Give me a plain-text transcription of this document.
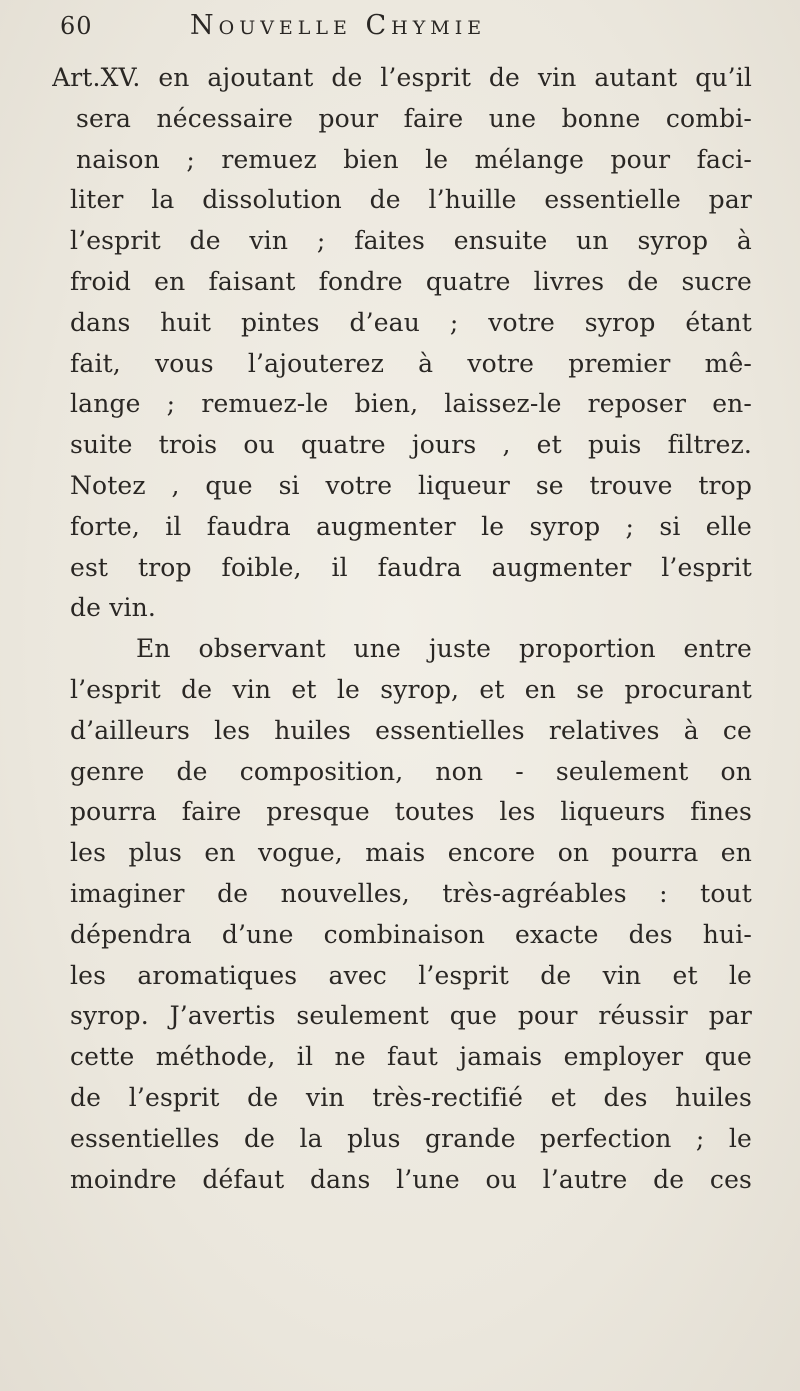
60	Nouvelle Chymie
Art.XV. en ajoutant de l’esprit de vin autant qu’il
sera nécessaire pour faire une bonne combi-
naison ; remuez bien le mélange pour faci-
liter la dissolution de l’huille essentielle par
l’esprit de vin ; faites ensuite un syrop à
froid en faisant fondre quatre livres de sucre
dans huit pintes d’eau ; votre syrop étant
fait, vous l’ajouterez à votre premier mê-
lange ; remuez-le bien, laissez-le reposer en-
suite trois ou quatre jours , et puis filtrez.
Notez , que si votre liqueur se trouve trop
forte, il faudra augmenter le syrop ; si elle
est trop foible, il faudra augmenter l’esprit
de vin.
En observant une juste proportion entre
l’esprit de vin et le syrop, et en se procurant
d’ailleurs les huiles essentielles relatives à ce
genre de composition, non - seulement on
pourra faire presque toutes les liqueurs fines
les plus en vogue, mais encore on pourra en
imaginer de nouvelles, très-agréables : tout
dépendra d’une combinaison exacte des hui-
les aromatiques avec l’esprit de vin et le
syrop. J’avertis seulement que pour réussir par
cette méthode, il ne faut jamais employer que
de l’esprit de vin très-rectifié et des huiles
essentielles de la plus grande perfection ; le
moindre défaut dans l’une ou l’autre de ces
